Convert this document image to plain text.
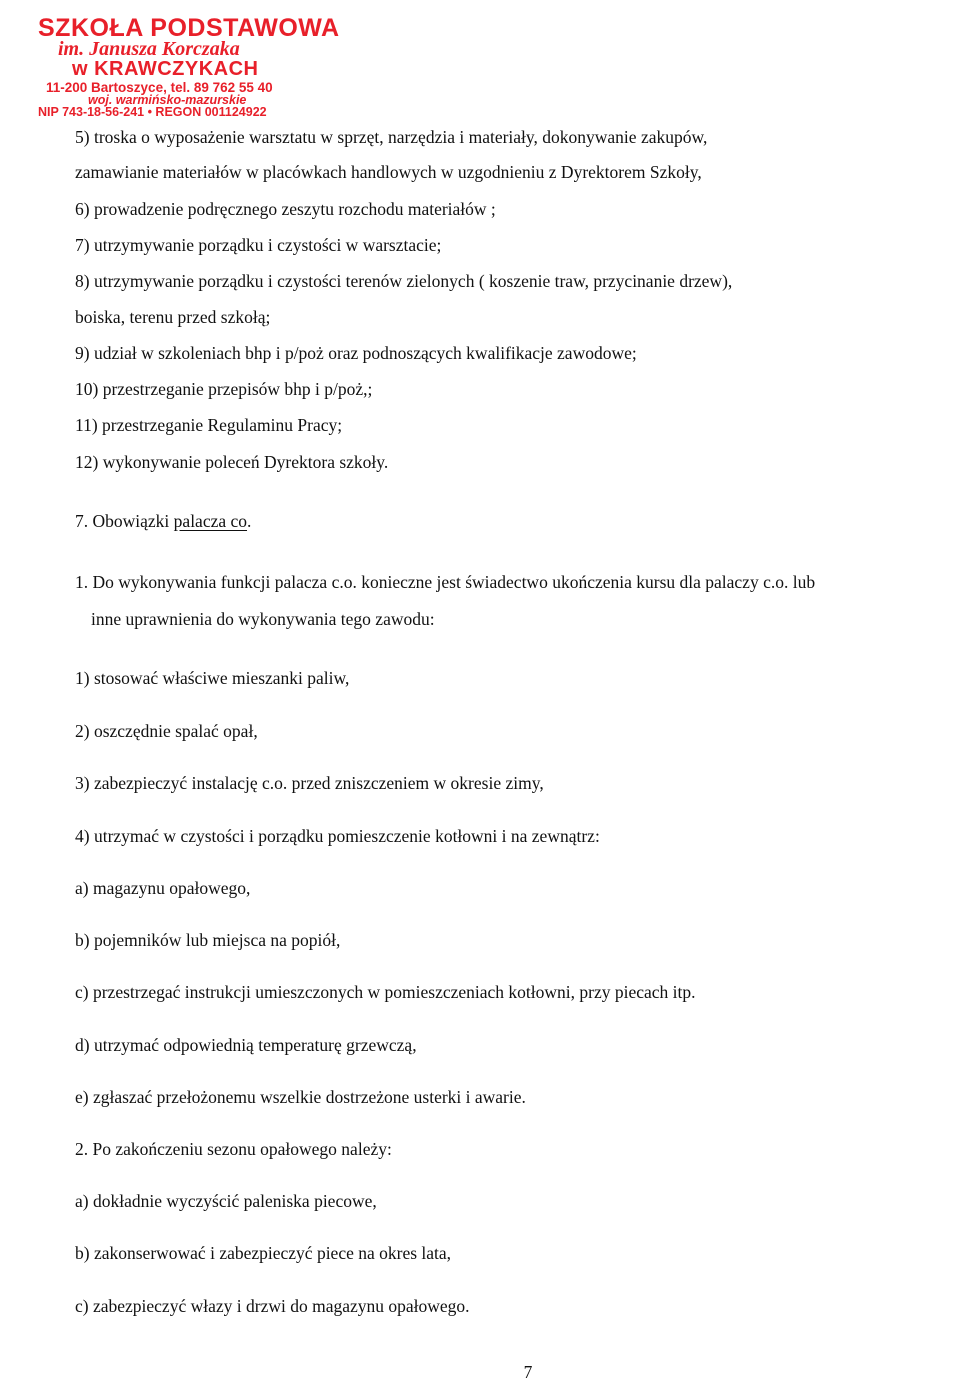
SZKOŁA PODSTAWOWA
im. Janusza Korczaka
w KRAWCZYKACH
11-200 Bartoszyce, tel. 89 762 55 40
woj. warmińsko-mazurskie
NIP 743-18-56-241 • REGON 001124922
5) troska o wyposażenie warsztatu w sprzęt, narzędzia i materiały, dokonywanie zakupów,
zamawianie materiałów w placówkach handlowych w uzgodnieniu z Dyrektorem Szkoły,
6) prowadzenie podręcznego zeszytu rozchodu materiałów ;
7) utrzymywanie porządku i czystości w warsztacie;
8) utrzymywanie porządku i czystości terenów zielonych ( koszenie traw, przycinanie drzew),
boiska, terenu przed szkołą;
9) udział w szkoleniach bhp i p/poż oraz podnoszących kwalifikacje zawodowe;
10) przestrzeganie przepisów bhp i p/poż,;
11) przestrzeganie Regulaminu Pracy;
12) wykonywanie poleceń Dyrektora szkoły.
7. Obowiązki palacza co.
1. Do wykonywania funkcji palacza c.o. konieczne jest świadectwo ukończenia kursu dla palaczy c.o. lub
inne uprawnienia do wykonywania tego zawodu:
1) stosować właściwe mieszanki paliw,
2) oszczędnie spalać opał,
3) zabezpieczyć instalację c.o. przed zniszczeniem w okresie zimy,
4) utrzymać w czystości i porządku pomieszczenie kotłowni i na zewnątrz:
a) magazynu opałowego,
b) pojemników lub miejsca na popiół,
c) przestrzegać instrukcji umieszczonych w pomieszczeniach kotłowni, przy piecach itp.
d) utrzymać odpowiednią temperaturę grzewczą,
e) zgłaszać przełożonemu wszelkie dostrzeżone usterki i awarie.
2. Po zakończeniu sezonu opałowego należy:
a) dokładnie wyczyścić paleniska piecowe,
b) zakonserwować i zabezpieczyć piece na okres lata,
c) zabezpieczyć włazy i drzwi do magazynu opałowego.
7
